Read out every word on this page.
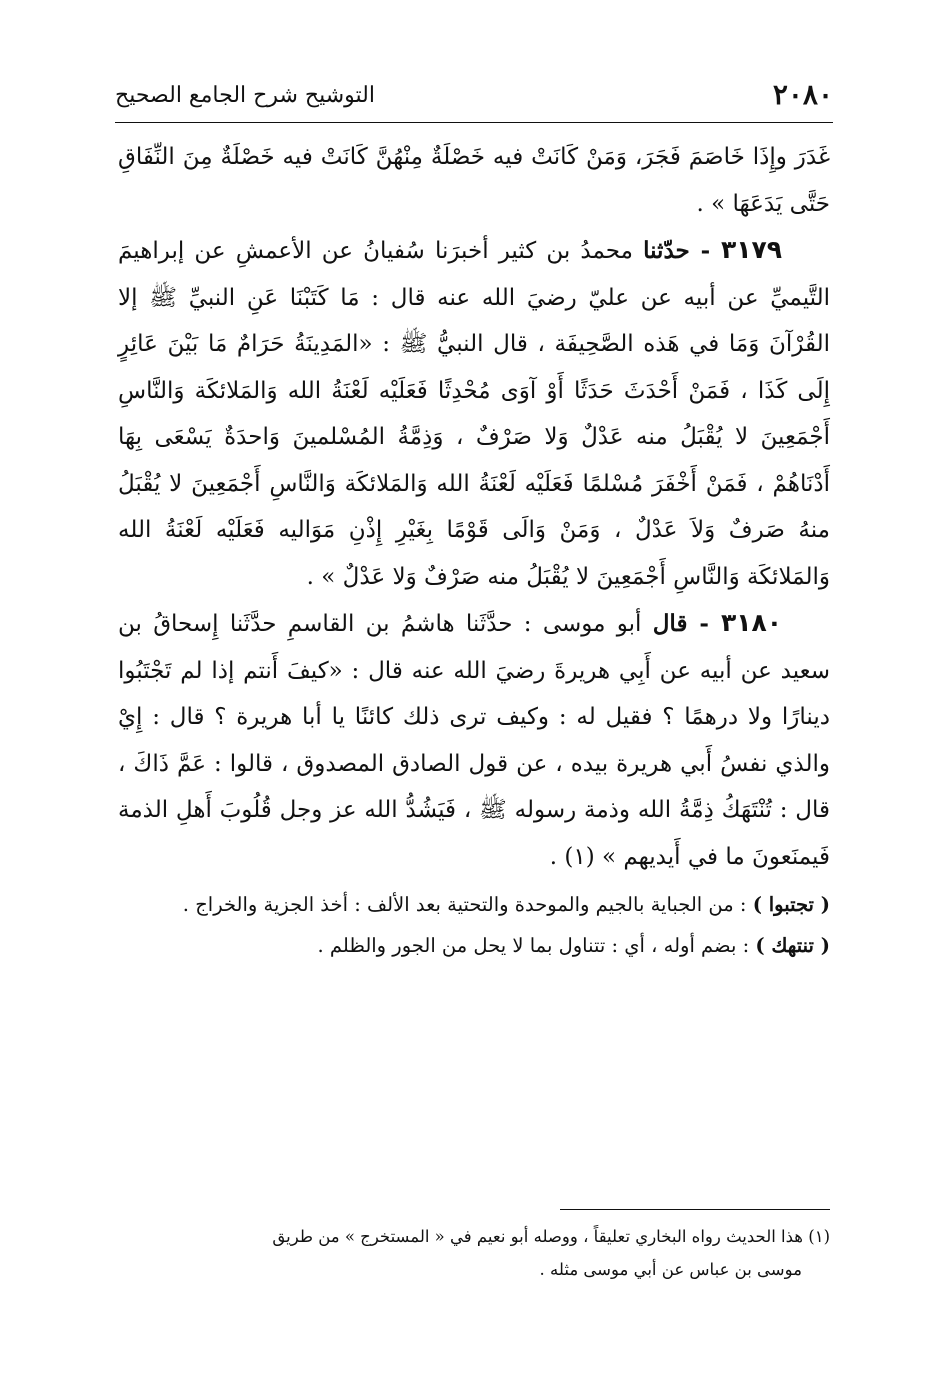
٢٠٨٠
التوشيح شرح الجامع الصحيح

غَدَرَ وإِذَا خَاصَمَ فَجَرَ، وَمَنْ كَانَتْ فيه خَصْلَةٌ مِنْهُنَّ كَانَتْ فيه خَصْلَةٌ مِنَ النِّفَاقِ حَتَّى يَدَعَهَا » .

٣١٧٩ - حدّثنا محمدُ بن كثير أخبرَنا سُفيانُ عن الأعمشِ عن إبراهيمَ التَّيميِّ عن أبيه عن عليّ رضيَ الله عنه قال : مَا كَتَبْنَا عَنِ النبيِّ ﷺ إلا القُرْآنَ وَمَا في هَذه الصَّحِيفَة ، قال النبيُّ ﷺ : «المَدِينَةُ حَرَامٌ مَا بَيْنَ عَائِرٍ إِلَى كَذَا ، فَمَنْ أَحْدَثَ حَدَثًا أَوْ آوَى مُحْدِثًا فَعَلَيْه لَعْنَةُ الله وَالمَلائكَة وَالنَّاسِ أَجْمَعِينَ لا يُقْبَلُ منه عَدْلٌ وَلا صَرْفٌ ، وَذِمَّةُ المُسْلمينَ وَاحدَةٌ يَسْعَى بِهَا أَدْنَاهُمْ ، فَمَنْ أَخْفَرَ مُسْلمًا فَعَلَيْه لَعْنَةُ الله وَالمَلائكَة وَالنَّاسِ أَجْمَعِينَ لا يُقْبَلُ منهُ صَرفٌ وَلاَ عَدْلٌ ، وَمَنْ وَالَى قَوْمًا بِغَيْرِ إِذْنِ مَوَاليه فَعَلَيْه لَعْنَةُ الله وَالمَلائكَة وَالنَّاسِ أَجْمَعِينَ لا يُقْبَلُ منه صَرْفٌ وَلا عَدْلٌ » .

٣١٨٠ - قال أبو موسى : حدَّثَنا هاشمُ بن القاسمِ حدَّثَنا إِسحاقُ بن سعيد عن أبيه عن أَبِي هريرةَ رضيَ الله عنه قال : «كيفَ أَنتم إذا لم تَجْتَبُوا دينارًا ولا درهمًا ؟ فقيل له : وكيف ترى ذلك كائنًا يا أبا هريرة ؟ قال : إِيْ والذي نفسُ أَبي هريرة بيده ، عن قول الصادق المصدوق ، قالوا : عَمَّ ذَاكَ ، قال : تُنْتَهَكُ ذِمَّةُ الله وذمة رسوله ﷺ ، فَيَشُدُّ الله عز وجل قُلُوبَ أَهلِ الذمة فَيمنَعونَ ما في أَيديهم » (١) .

( تجتبوا ) : من الجباية بالجيم والموحدة والتحتية بعد الألف : أخذ الجزية والخراج .

( تنتهك ) : بضم أوله ، أي : تتناول بما لا يحل من الجور والظلم .

(١) هذا الحديث رواه البخاري تعليقاً ، ووصله أبو نعيم في « المستخرج » من طريق

موسى بن عباس عن أبي موسى مثله .
